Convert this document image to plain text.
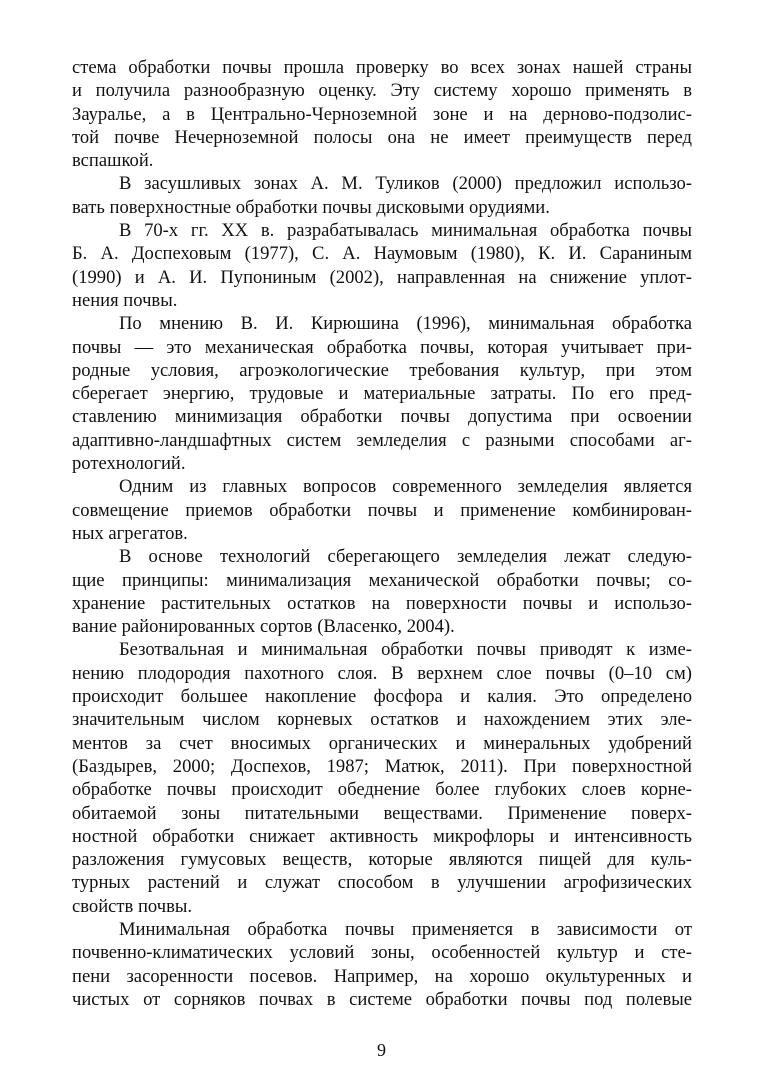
стема обработки почвы прошла проверку во всех зонах нашей страны
и получила разнообразную оценку. Эту систему хорошо применять в
Зауралье, а в Центрально-Черноземной зоне и на дерново-подзолис-
той почве Нечерноземной полосы она не имеет преимуществ перед
вспашкой.
В засушливых зонах А. М. Туликов (2000) предложил использо-
вать поверхностные обработки почвы дисковыми орудиями.
В 70-х гг. XX в. разрабатывалась минимальная обработка почвы
Б. А. Доспеховым (1977), С. А. Наумовым (1980), К. И. Сараниным
(1990) и А. И. Пупониным (2002), направленная на снижение уплот-
нения почвы.
По мнению В. И. Кирюшина (1996), минимальная обработка
почвы — это механическая обработка почвы, которая учитывает при-
родные условия, агроэкологические требования культур, при этом
сберегает энергию, трудовые и материальные затраты. По его пред-
ставлению минимизация обработки почвы допустима при освоении
адаптивно-ландшафтных систем земледелия с разными способами аг-
ротехнологий.
Одним из главных вопросов современного земледелия является
совмещение приемов обработки почвы и применение комбинирован-
ных агрегатов.
В основе технологий сберегающего земледелия лежат следую-
щие принципы: минимализация механической обработки почвы; со-
хранение растительных остатков на поверхности почвы и использо-
вание районированных сортов (Власенко, 2004).
Безотвальная и минимальная обработки почвы приводят к изме-
нению плодородия пахотного слоя. В верхнем слое почвы (0–10 см)
происходит большее накопление фосфора и калия. Это определено
значительным числом корневых остатков и нахождением этих эле-
ментов за счет вносимых органических и минеральных удобрений
(Баздырев, 2000; Доспехов, 1987; Матюк, 2011). При поверхностной
обработке почвы происходит обеднение более глубоких слоев корне-
обитаемой зоны питательными веществами. Применение поверх-
ностной обработки снижает активность микрофлоры и интенсивность
разложения гумусовых веществ, которые являются пищей для куль-
турных растений и служат способом в улучшении агрофизических
свойств почвы.
Минимальная обработка почвы применяется в зависимости от
почвенно-климатических условий зоны, особенностей культур и сте-
пени засоренности посевов. Например, на хорошо окультуренных и
чистых от сорняков почвах в системе обработки почвы под полевые
9
